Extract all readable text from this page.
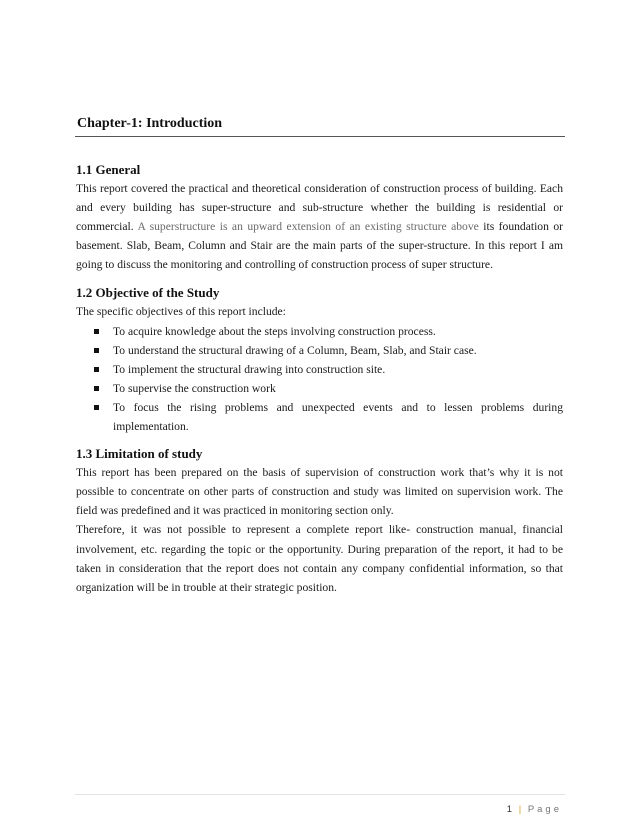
Chapter-1: Introduction
1.1 General

This report covered the practical and theoretical consideration of construction process of building. Each and every building has super-structure and sub-structure whether the building is residential or commercial. A superstructure is an upward extension of an existing structure above its foundation or basement. Slab, Beam, Column and Stair are the main parts of the super-structure. In this report I am going to discuss the monitoring and controlling of construction process of super structure.

1.2 Objective of the Study

The specific objectives of this report include:

To acquire knowledge about the steps involving construction process.
To understand the structural drawing of a Column, Beam, Slab, and Stair case.
To implement the structural drawing into construction site.
To supervise the construction work
To focus the rising problems and unexpected events and to lessen problems during implementation.
1.3 Limitation of study

This report has been prepared on the basis of supervision of construction work that’s why it is not possible to concentrate on other parts of construction and study was limited on supervision work. The field was predefined and it was practiced in monitoring section only.

Therefore, it was not possible to represent a complete report like- construction manual, financial involvement, etc. regarding the topic or the opportunity. During preparation of the report, it had to be taken in consideration that the report does not contain any company confidential information, so that organization will be in trouble at their strategic position.

1 | Page
